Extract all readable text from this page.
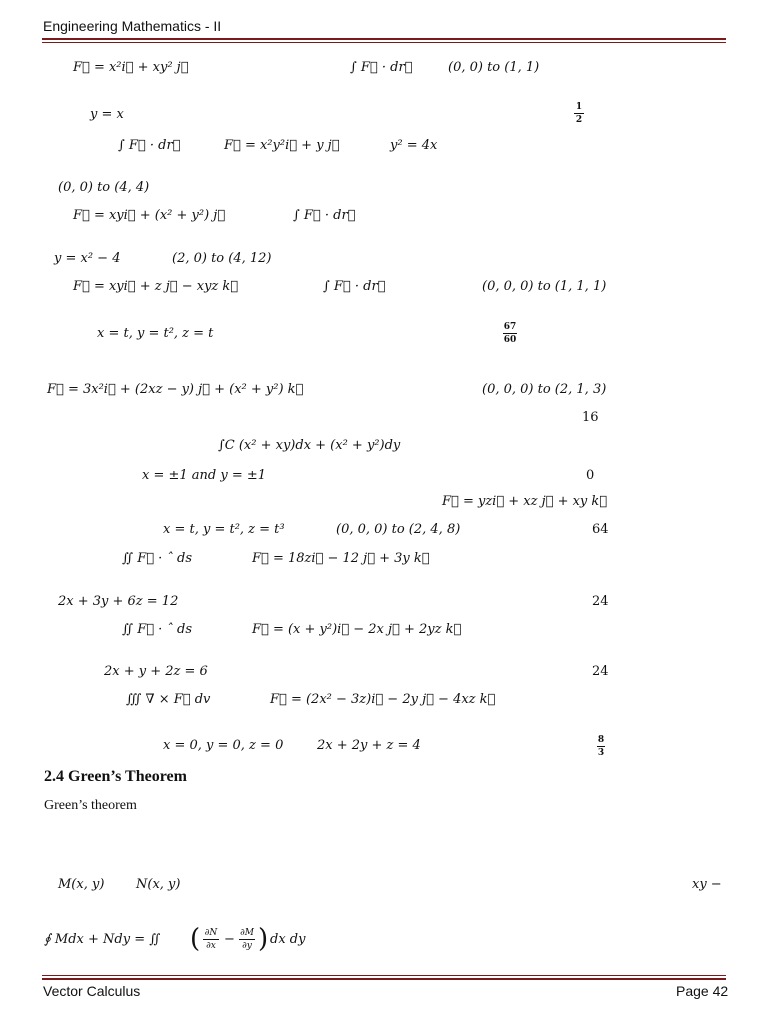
Engineering Mathematics - II
F⃗ = x²i⃗ + xy² j⃗	∫ F⃗ · dr⃗	(0, 0) to (1, 1)
y = x	1
2
∫ F⃗ · dr⃗	F⃗ = x²y²i⃗ + y j⃗	y² = 4x
(0, 0) to (4, 4)
F⃗ = xyi⃗ + (x² + y²) j⃗	∫ F⃗ · dr⃗
y = x² − 4	(2, 0) to (4, 12)
F⃗ = xyi⃗ + z j⃗ − xyz k⃗	∫ F⃗ · dr⃗	(0, 0, 0) to (1, 1, 1)
x = t, y = t², z = t	67
60
F⃗ = 3x²i⃗ + (2xz − y) j⃗ + (x² + y²) k⃗	(0, 0, 0) to (2, 1, 3)
16
∫C (x² + xy)dx + (x² + y²)dy
x = ±1 and y = ±1	0
F⃗ = yzi⃗ + xz j⃗ + xy k⃗
x = t, y = t², z = t³	(0, 0, 0) to (2, 4, 8)	64
∬ F⃗ · ˆ ds	F⃗ = 18zi⃗ − 12 j⃗ + 3y k⃗
2x + 3y + 6z = 12	24
∬ F⃗ · ˆ ds	F⃗ = (x + y²)i⃗ − 2x j⃗ + 2yz k⃗
2x + y + 2z = 6	24
∭ ∇ × F⃗ dv	F⃗ = (2x² − 3z)i⃗ − 2y j⃗ − 4xz k⃗
x = 0, y = 0, z = 0	2x + 2y + z = 4	8
3
2.4 Green’s Theorem
Green’s theorem
M(x, y) N(x, y)	xy −
∮ Mdx + Ndy = ∬ ( ∂N
∂x − ∂M
∂y ) dx dy
Vector Calculus	Page 42
